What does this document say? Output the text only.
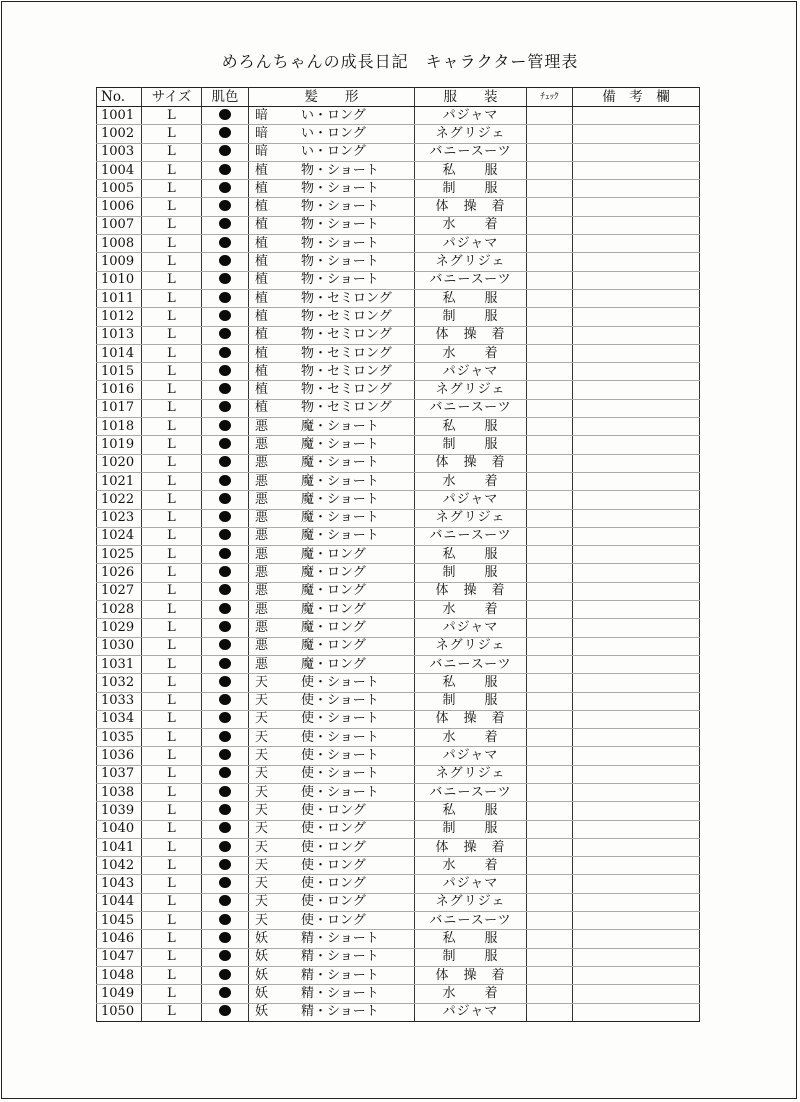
めろんちゃんの成長日記　キャラクター管理表
No.	サイズ	肌色	髪　　形	服　　装	ﾁｪｯｸ	備　考　欄
1001	L		暗 い・ロング	パジャマ		
1002	L		暗 い・ロング	ネグリジェ		
1003	L		暗 い・ロング	バニースーツ		
1004	L		植 物・ショート	私　　服		
1005	L		植 物・ショート	制　　服		
1006	L		植 物・ショート	体　操　着		
1007	L		植 物・ショート	水　　着		
1008	L		植 物・ショート	パジャマ		
1009	L		植 物・ショート	ネグリジェ		
1010	L		植 物・ショート	バニースーツ		
1011	L		植 物・セミロング	私　　服		
1012	L		植 物・セミロング	制　　服		
1013	L		植 物・セミロング	体　操　着		
1014	L		植 物・セミロング	水　　着		
1015	L		植 物・セミロング	パジャマ		
1016	L		植 物・セミロング	ネグリジェ		
1017	L		植 物・セミロング	バニースーツ		
1018	L		悪 魔・ショート	私　　服		
1019	L		悪 魔・ショート	制　　服		
1020	L		悪 魔・ショート	体　操　着		
1021	L		悪 魔・ショート	水　　着		
1022	L		悪 魔・ショート	パジャマ		
1023	L		悪 魔・ショート	ネグリジェ		
1024	L		悪 魔・ショート	バニースーツ		
1025	L		悪 魔・ロング	私　　服		
1026	L		悪 魔・ロング	制　　服		
1027	L		悪 魔・ロング	体　操　着		
1028	L		悪 魔・ロング	水　　着		
1029	L		悪 魔・ロング	パジャマ		
1030	L		悪 魔・ロング	ネグリジェ		
1031	L		悪 魔・ロング	バニースーツ		
1032	L		天 使・ショート	私　　服		
1033	L		天 使・ショート	制　　服		
1034	L		天 使・ショート	体　操　着		
1035	L		天 使・ショート	水　　着		
1036	L		天 使・ショート	パジャマ		
1037	L		天 使・ショート	ネグリジェ		
1038	L		天 使・ショート	バニースーツ		
1039	L		天 使・ロング	私　　服		
1040	L		天 使・ロング	制　　服		
1041	L		天 使・ロング	体　操　着		
1042	L		天 使・ロング	水　　着		
1043	L		天 使・ロング	パジャマ		
1044	L		天 使・ロング	ネグリジェ		
1045	L		天 使・ロング	バニースーツ		
1046	L		妖 精・ショート	私　　服		
1047	L		妖 精・ショート	制　　服		
1048	L		妖 精・ショート	体　操　着		
1049	L		妖 精・ショート	水　　着		
1050	L		妖 精・ショート	パジャマ		
